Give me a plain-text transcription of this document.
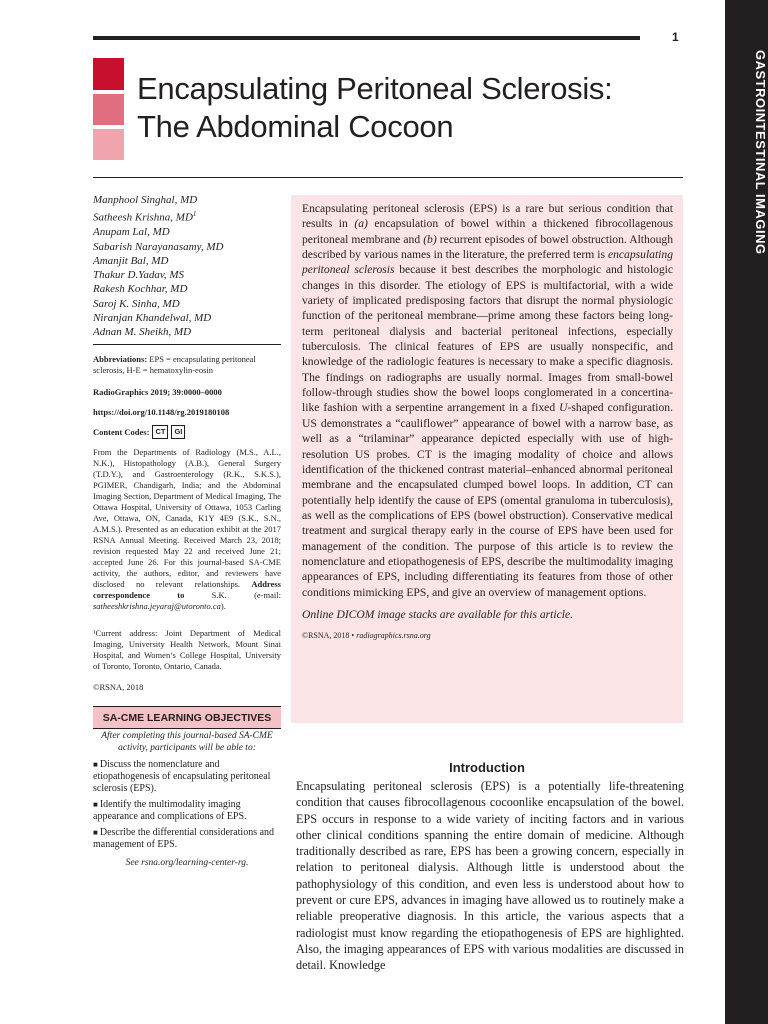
1
GASTROINTESTINAL IMAGING
Encapsulating Peritoneal Sclerosis:
The Abdominal Cocoon
Manphool Singhal, MD
Satheesh Krishna, $MD^1$
Anupam Lal, MD
Sabarish Narayanasamy, MD
Amanjit Bal, MD
Thakur D.Yadav, MS
Rakesh Kochhar, MD
Saroj K. Sinha, MD
Niranjan Khandelwal, MD
Adnan M. Sheikh, MD
Abbreviations: EPS = encapsulating peritoneal sclerosis, H-E = hematoxylin-eosin
RadioGraphics 2019; 39:0000–0000
https://doi.org/10.1148/rg.2019180108
Content Codes: CT	GI
From the Departments of Radiology (M.S., A.L., N.K.), Histopathology (A.B.), General Surgery (T.D.Y.), and Gastroenterology (R.K., S.K.S.), PGIMER, Chandigarh, India; and the Abdominal Imaging Section, Department of Medical Imaging, The Ottawa Hospital, University of Ottawa, 1053 Carling Ave, Ottawa, ON, Canada, K1Y 4E9 (S.K., S.N., A.M.S.). Presented as an education exhibit at the 2017 RSNA Annual Meeting. Received March 23, 2018; revision requested May 22 and received June 21; accepted June 26. For this journal-based SA-CME activity, the authors, editor, and reviewers have disclosed no relevant relationships. Address correspondence to S.K. (e-mail: satheeshkrishna.jeyaraj@utoronto.ca).
¹Current address: Joint Department of Medical Imaging, University Health Network, Mount Sinai Hospital, and Women’s College Hospital, University of Toronto, Toronto, Ontario, Canada.
©RSNA, 2018
SA-CME LEARNING OBJECTIVES
After completing this journal-based SA-CME activity, participants will be able to:
■ Discuss the nomenclature and etiopathogenesis of encapsulating peritoneal sclerosis (EPS).
■ Identify the multimodality imaging appearance and complications of EPS.
■ Describe the differential considerations and management of EPS.
See rsna.org/learning-center-rg.

Encapsulating peritoneal sclerosis (EPS) is a rare but serious condition that results in (a) encapsulation of bowel within a thickened fibrocollagenous peritoneal membrane and (b) recurrent episodes of bowel obstruction. Although described by various names in the literature, the preferred term is encapsulating peritoneal sclerosis because it best describes the morphologic and histologic changes in this disorder. The etiology of EPS is multifactorial, with a wide variety of implicated predisposing factors that disrupt the normal physiologic function of the peritoneal membrane—prime among these factors being long-term peritoneal dialysis and bacterial peritoneal infections, especially tuberculosis. The clinical features of EPS are usually nonspecific, and knowledge of the radiologic features is necessary to make a specific diagnosis. The findings on radiographs are usually normal. Images from small-bowel follow-through studies show the bowel loops conglomerated in a concertina-like fashion with a serpentine arrangement in a fixed U-shaped configuration. US demonstrates a “cauliflower” appearance of bowel with a narrow base, as well as a “trilaminar” appearance depicted especially with use of high-resolution US probes. CT is the imaging modality of choice and allows identification of the thickened contrast material–enhanced abnormal peritoneal membrane and the encapsulated clumped bowel loops. In addition, CT can potentially help identify the cause of EPS (omental granuloma in tuberculosis), as well as the complications of EPS (bowel obstruction). Conservative medical treatment and surgical therapy early in the course of EPS have been used for management of the condition. The purpose of this article is to review the nomenclature and etiopathogenesis of EPS, describe the multimodality imaging appearances of EPS, including differentiating its features from those of other conditions mimicking EPS, and give an overview of management options.

Online DICOM image stacks are available for this article.

©RSNA, 2018 • radiographics.rsna.org

Introduction

Encapsulating peritoneal sclerosis (EPS) is a potentially life-threatening condition that causes fibrocollagenous cocoonlike encapsulation of the bowel. EPS occurs in response to a wide variety of inciting factors and in various other clinical conditions spanning the entire domain of medicine. Although traditionally described as rare, EPS has been a growing concern, especially in relation to peritoneal dialysis. Although little is understood about the pathophysiology of this condition, and even less is understood about how to prevent or cure EPS, advances in imaging have allowed us to routinely make a reliable preoperative diagnosis. In this article, the various aspects that a radiologist must know regarding the etiopathogenesis of EPS are highlighted. Also, the imaging appearances of EPS with various modalities are discussed in detail. Knowledge
